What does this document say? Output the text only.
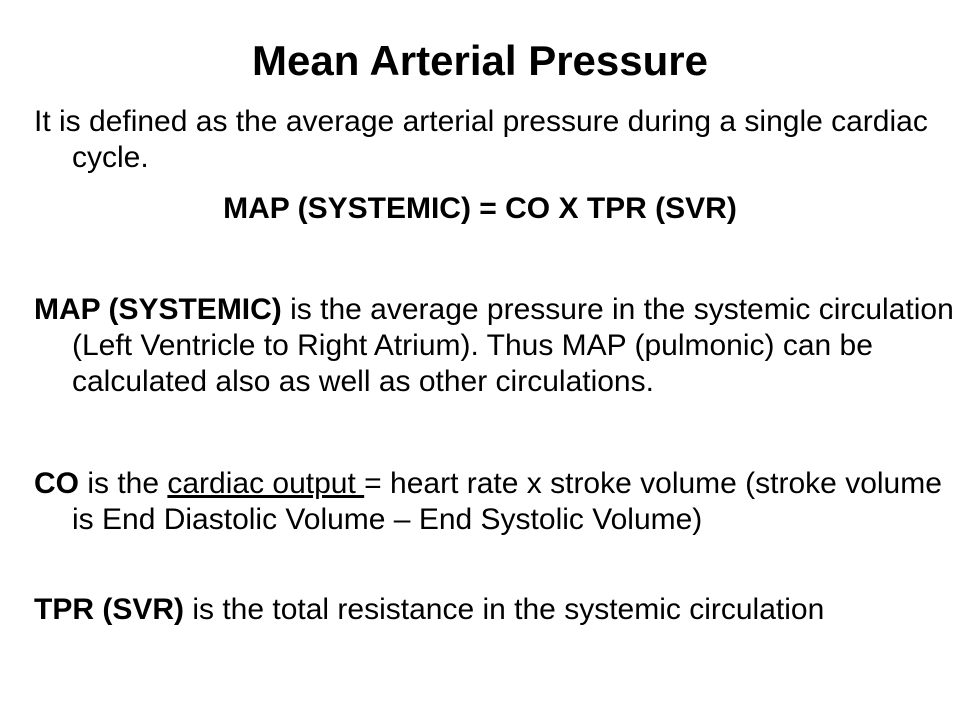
Mean Arterial Pressure
It is defined as the average arterial pressure during a single cardiac cycle.
MAP (SYSTEMIC) = CO X TPR (SVR)
MAP (SYSTEMIC) is the average pressure in the systemic circulation (Left Ventricle to Right Atrium). Thus MAP (pulmonic) can be calculated also as well as other circulations.
CO is the cardiac output = heart rate x stroke volume (stroke volume is End Diastolic Volume – End Systolic Volume)
TPR (SVR) is the total resistance in the systemic circulation
